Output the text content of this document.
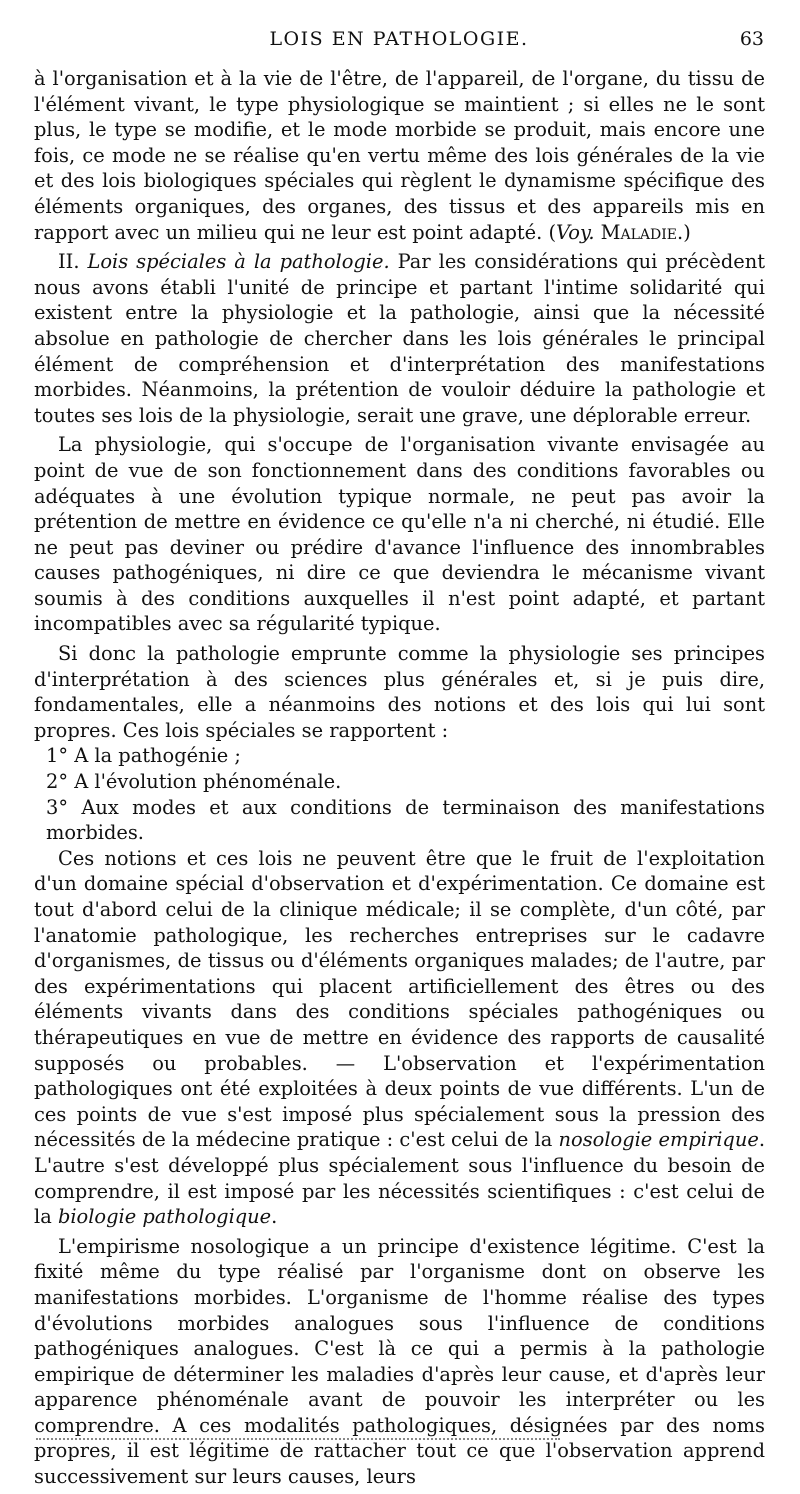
LOIS EN PATHOLOGIE.	63

à l'organisation et à la vie de l'être, de l'appareil, de l'organe, du tissu de l'élément vivant, le type physiologique se maintient ; si elles ne le sont plus, le type se modifie, et le mode morbide se produit, mais encore une fois, ce mode ne se réalise qu'en vertu même des lois générales de la vie et des lois biologiques spéciales qui règlent le dynamisme spécifique des éléments organiques, des organes, des tissus et des appareils mis en rapport avec un milieu qui ne leur est point adapté. (Voy. Maladie.)

II. Lois spéciales à la pathologie. Par les considérations qui précèdent nous avons établi l'unité de principe et partant l'intime solidarité qui existent entre la physiologie et la pathologie, ainsi que la nécessité absolue en pathologie de chercher dans les lois générales le principal élément de compréhension et d'interprétation des manifestations morbides. Néanmoins, la prétention de vouloir déduire la pathologie et toutes ses lois de la physiologie, serait une grave, une déplorable erreur.

La physiologie, qui s'occupe de l'organisation vivante envisagée au point de vue de son fonctionnement dans des conditions favorables ou adéquates à une évolution typique normale, ne peut pas avoir la prétention de mettre en évidence ce qu'elle n'a ni cherché, ni étudié. Elle ne peut pas deviner ou prédire d'avance l'influence des innombrables causes pathogéniques, ni dire ce que deviendra le mécanisme vivant soumis à des conditions auxquelles il n'est point adapté, et partant incompatibles avec sa régularité typique.

Si donc la pathologie emprunte comme la physiologie ses principes d'interprétation à des sciences plus générales et, si je puis dire, fondamentales, elle a néanmoins des notions et des lois qui lui sont propres. Ces lois spéciales se rapportent :

1° A la pathogénie ;

2° A l'évolution phénoménale.

3° Aux modes et aux conditions de terminaison des manifestations morbides.

Ces notions et ces lois ne peuvent être que le fruit de l'exploitation d'un domaine spécial d'observation et d'expérimentation. Ce domaine est tout d'abord celui de la clinique médicale; il se complète, d'un côté, par l'anatomie pathologique, les recherches entreprises sur le cadavre d'organismes, de tissus ou d'éléments organiques malades; de l'autre, par des expérimentations qui placent artificiellement des êtres ou des éléments vivants dans des conditions spéciales pathogéniques ou thérapeutiques en vue de mettre en évidence des rapports de causalité supposés ou probables. — L'observation et l'expérimentation pathologiques ont été exploitées à deux points de vue différents. L'un de ces points de vue s'est imposé plus spécialement sous la pression des nécessités de la médecine pratique : c'est celui de la nosologie empirique. L'autre s'est développé plus spécialement sous l'influence du besoin de comprendre, il est imposé par les nécessités scientifiques : c'est celui de la biologie pathologique.

L'empirisme nosologique a un principe d'existence légitime. C'est la fixité même du type réalisé par l'organisme dont on observe les manifestations morbides. L'organisme de l'homme réalise des types d'évolutions morbides analogues sous l'influence de conditions pathogéniques analogues. C'est là ce qui a permis à la pathologie empirique de déterminer les maladies d'après leur cause, et d'après leur apparence phénoménale avant de pouvoir les interpréter ou les comprendre. A ces modalités pathologiques, désignées par des noms propres, il est légitime de rattacher tout ce que l'observation apprend successivement sur leurs causes, leurs
